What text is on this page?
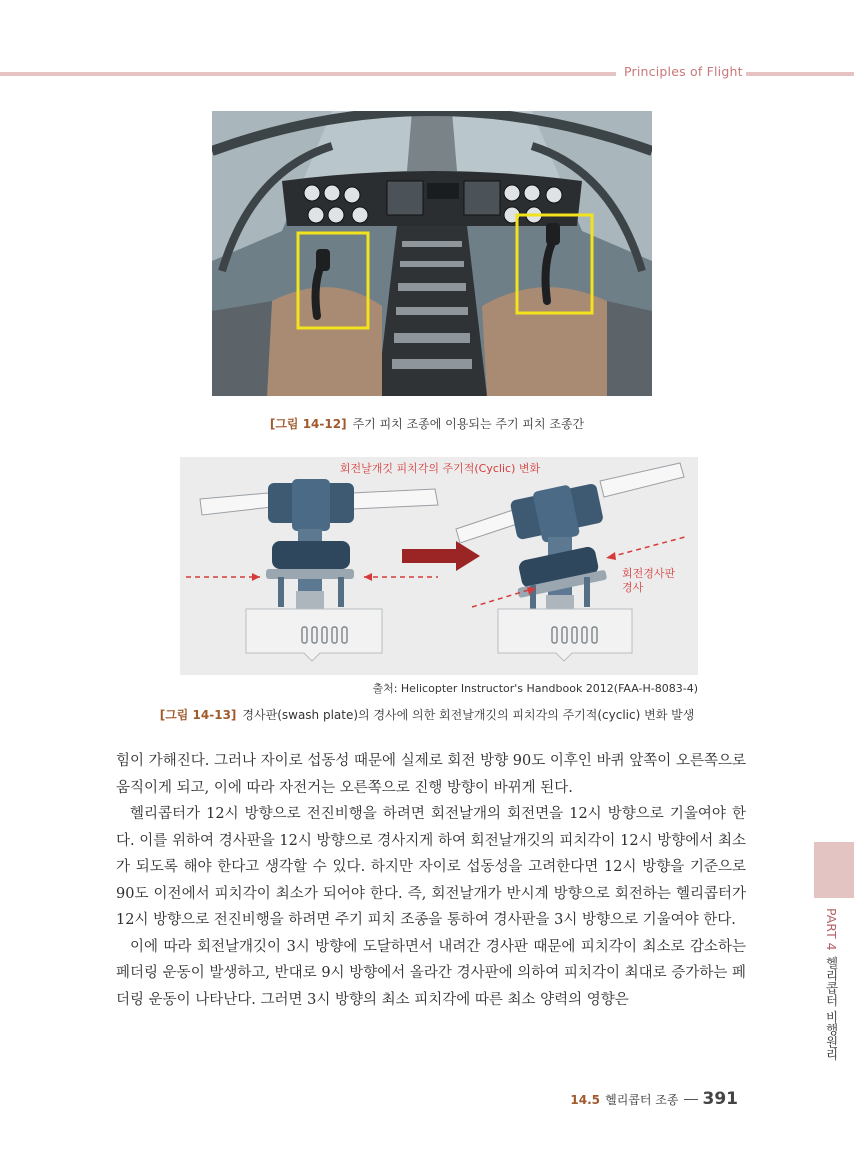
Principles of Flight
[그림 14-12] 주기 피치 조종에 이용되는 주기 피치 조종간
회전날개깃 피치각의 주기적(Cyclic) 변화
회전경사판
경사
출처: Helicopter Instructor's Handbook 2012(FAA-H-8083-4)
[그림 14-13] 경사판(swash plate)의 경사에 의한 회전날개깃의 피치각의 주기적(cyclic) 변화 발생

힘이 가해진다. 그러나 자이로 섭동성 때문에 실제로 회전 방향 90도 이후인 바퀴 앞쪽이 오른쪽으로 움직이게 되고, 이에 따라 자전거는 오른쪽으로 진행 방향이 바뀌게 된다.

헬리콥터가 12시 방향으로 전진비행을 하려면 회전날개의 회전면을 12시 방향으로 기울여야 한다. 이를 위하여 경사판을 12시 방향으로 경사지게 하여 회전날개깃의 피치각이 12시 방향에서 최소가 되도록 해야 한다고 생각할 수 있다. 하지만 자이로 섭동성을 고려한다면 12시 방향을 기준으로 90도 이전에서 피치각이 최소가 되어야 한다. 즉, 회전날개가 반시계 방향으로 회전하는 헬리콥터가 12시 방향으로 전진비행을 하려면 주기 피치 조종을 통하여 경사판을 3시 방향으로 기울여야 한다.

이에 따라 회전날개깃이 3시 방향에 도달하면서 내려간 경사판 때문에 피치각이 최소로 감소하는 페더링 운동이 발생하고, 반대로 9시 방향에서 올라간 경사판에 의하여 피치각이 최대로 증가하는 페더링 운동이 나타난다. 그러면 3시 방향의 최소 피치각에 따른 최소 양력의 영향은

PART 4헬리콥터 비행원리
14.5 헬리콥터 조종 391
